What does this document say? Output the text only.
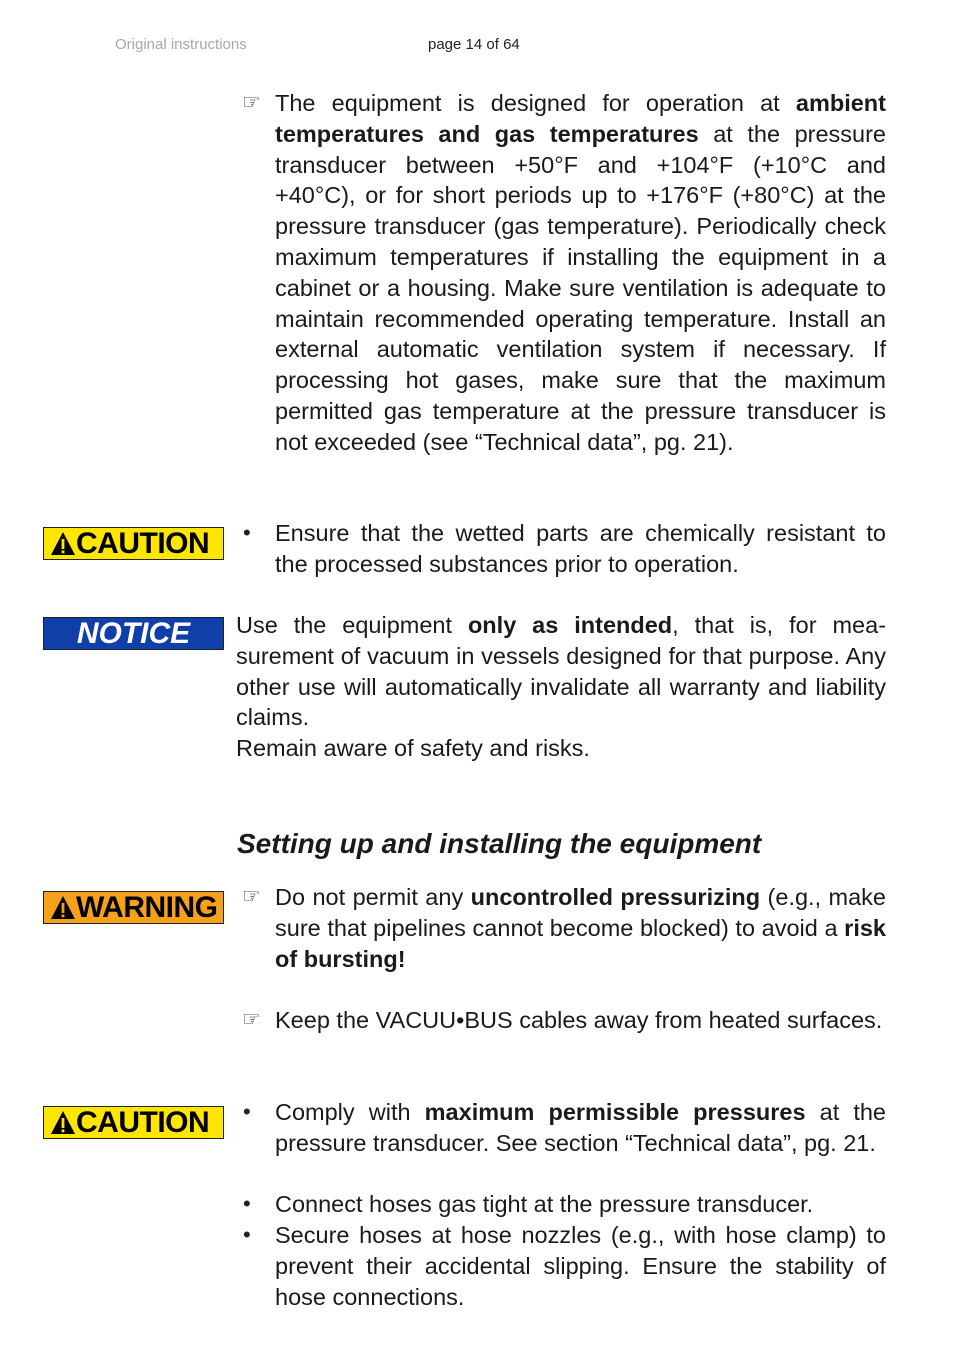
Original instructions	page 14 of 64
☞ The equipment is designed for operation at ambient temperatures and gas temperatures at the pressure transducer between +50°F and +104°F (+10°C and +40°C), or for short periods up to +176°F (+80°C) at the pressure transducer (gas temperature). Periodically check maximum temperatures if installing the equipment in a cabinet or a housing. Make sure ventilation is adequate to maintain recommended operating temperature. Install an external automatic ventilation system if necessary. If processing hot gases, make sure that the maximum permitted gas temperature at the pressure transducer is not exceeded (see “Technical data”, pg. 21).

CAUTION	• Ensure that the wetted parts are chemically resistant to the processed substances prior to operation.

NOTICE	Use the equipment only as intended, that is, for measurement of vacuum in vessels designed for that purpose. Any other use will automatically invalidate all warranty and liability claims.
Remain aware of safety and risks.
Setting up and installing the equipment
WARNING	☞ Do not permit any uncontrolled pressurizing (e.g., make sure that pipelines cannot become blocked) to avoid a risk of bursting!

☞ Keep the VACUU•BUS cables away from heated surfaces.

CAUTION	• Comply with maximum permissible pressures at the pressure transducer. See section “Technical data”, pg. 21.

• Connect hoses gas tight at the pressure transducer.

• Secure hoses at hose nozzles (e.g., with hose clamp) to prevent their accidental slipping. Ensure the stability of hose connections.
